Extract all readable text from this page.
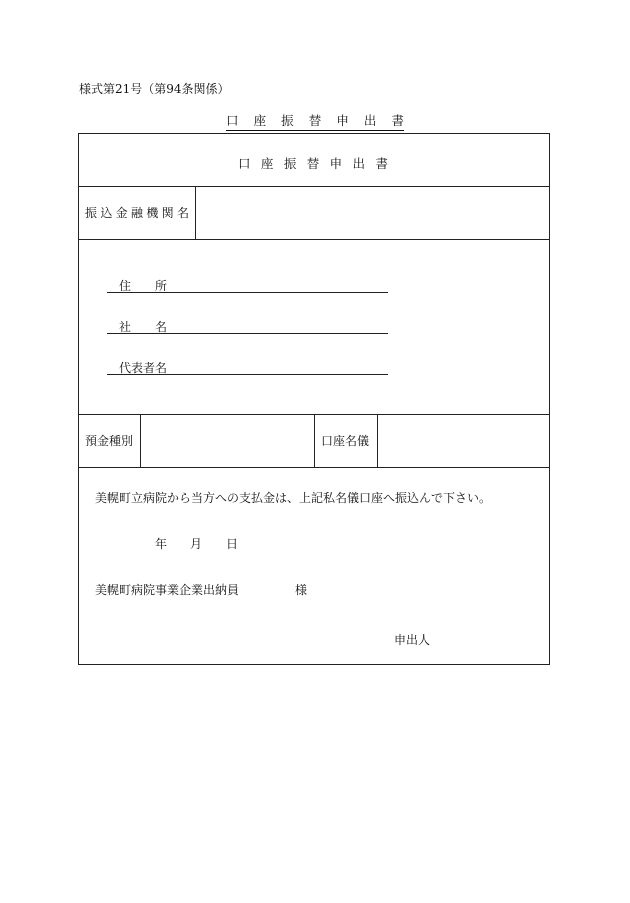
様式第21号（第94条関係）
口 座 振 替 申 出 書
口 座 振 替 申 出 書
振 込 金 融 機 関 名
住 所
社 名
代表者名
預金種別	口座名儀
美幌町立病院から当方への支払金は、上記私名儀口座へ振込んで下さい。
年 月 日
美幌町病院事業企業出納員	様
申出人
